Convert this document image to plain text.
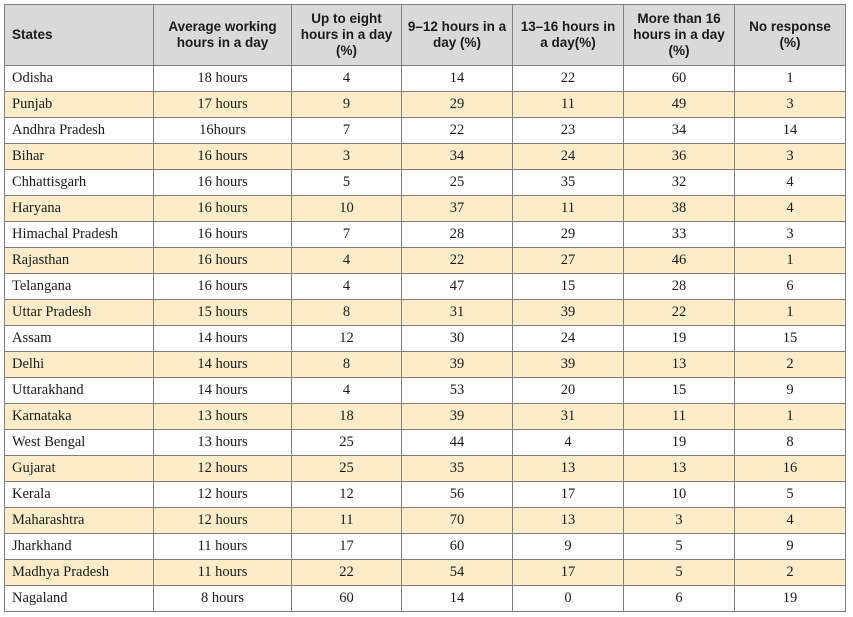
States	Average working hours in a day	Up to eight hours in a day (%)	9–12 hours in a day (%)	13–16 hours in a day(%)	More than 16 hours in a day (%)	No response (%)
Odisha	18 hours	4	14	22	60	1
Punjab	17 hours	9	29	11	49	3
Andhra Pradesh	16hours	7	22	23	34	14
Bihar	16 hours	3	34	24	36	3
Chhattisgarh	16 hours	5	25	35	32	4
Haryana	16 hours	10	37	11	38	4
Himachal Pradesh	16 hours	7	28	29	33	3
Rajasthan	16 hours	4	22	27	46	1
Telangana	16 hours	4	47	15	28	6
Uttar Pradesh	15 hours	8	31	39	22	1
Assam	14 hours	12	30	24	19	15
Delhi	14 hours	8	39	39	13	2
Uttarakhand	14 hours	4	53	20	15	9
Karnataka	13 hours	18	39	31	11	1
West Bengal	13 hours	25	44	4	19	8
Gujarat	12 hours	25	35	13	13	16
Kerala	12 hours	12	56	17	10	5
Maharashtra	12 hours	11	70	13	3	4
Jharkhand	11 hours	17	60	9	5	9
Madhya Pradesh	11 hours	22	54	17	5	2
Nagaland	8 hours	60	14	0	6	19
